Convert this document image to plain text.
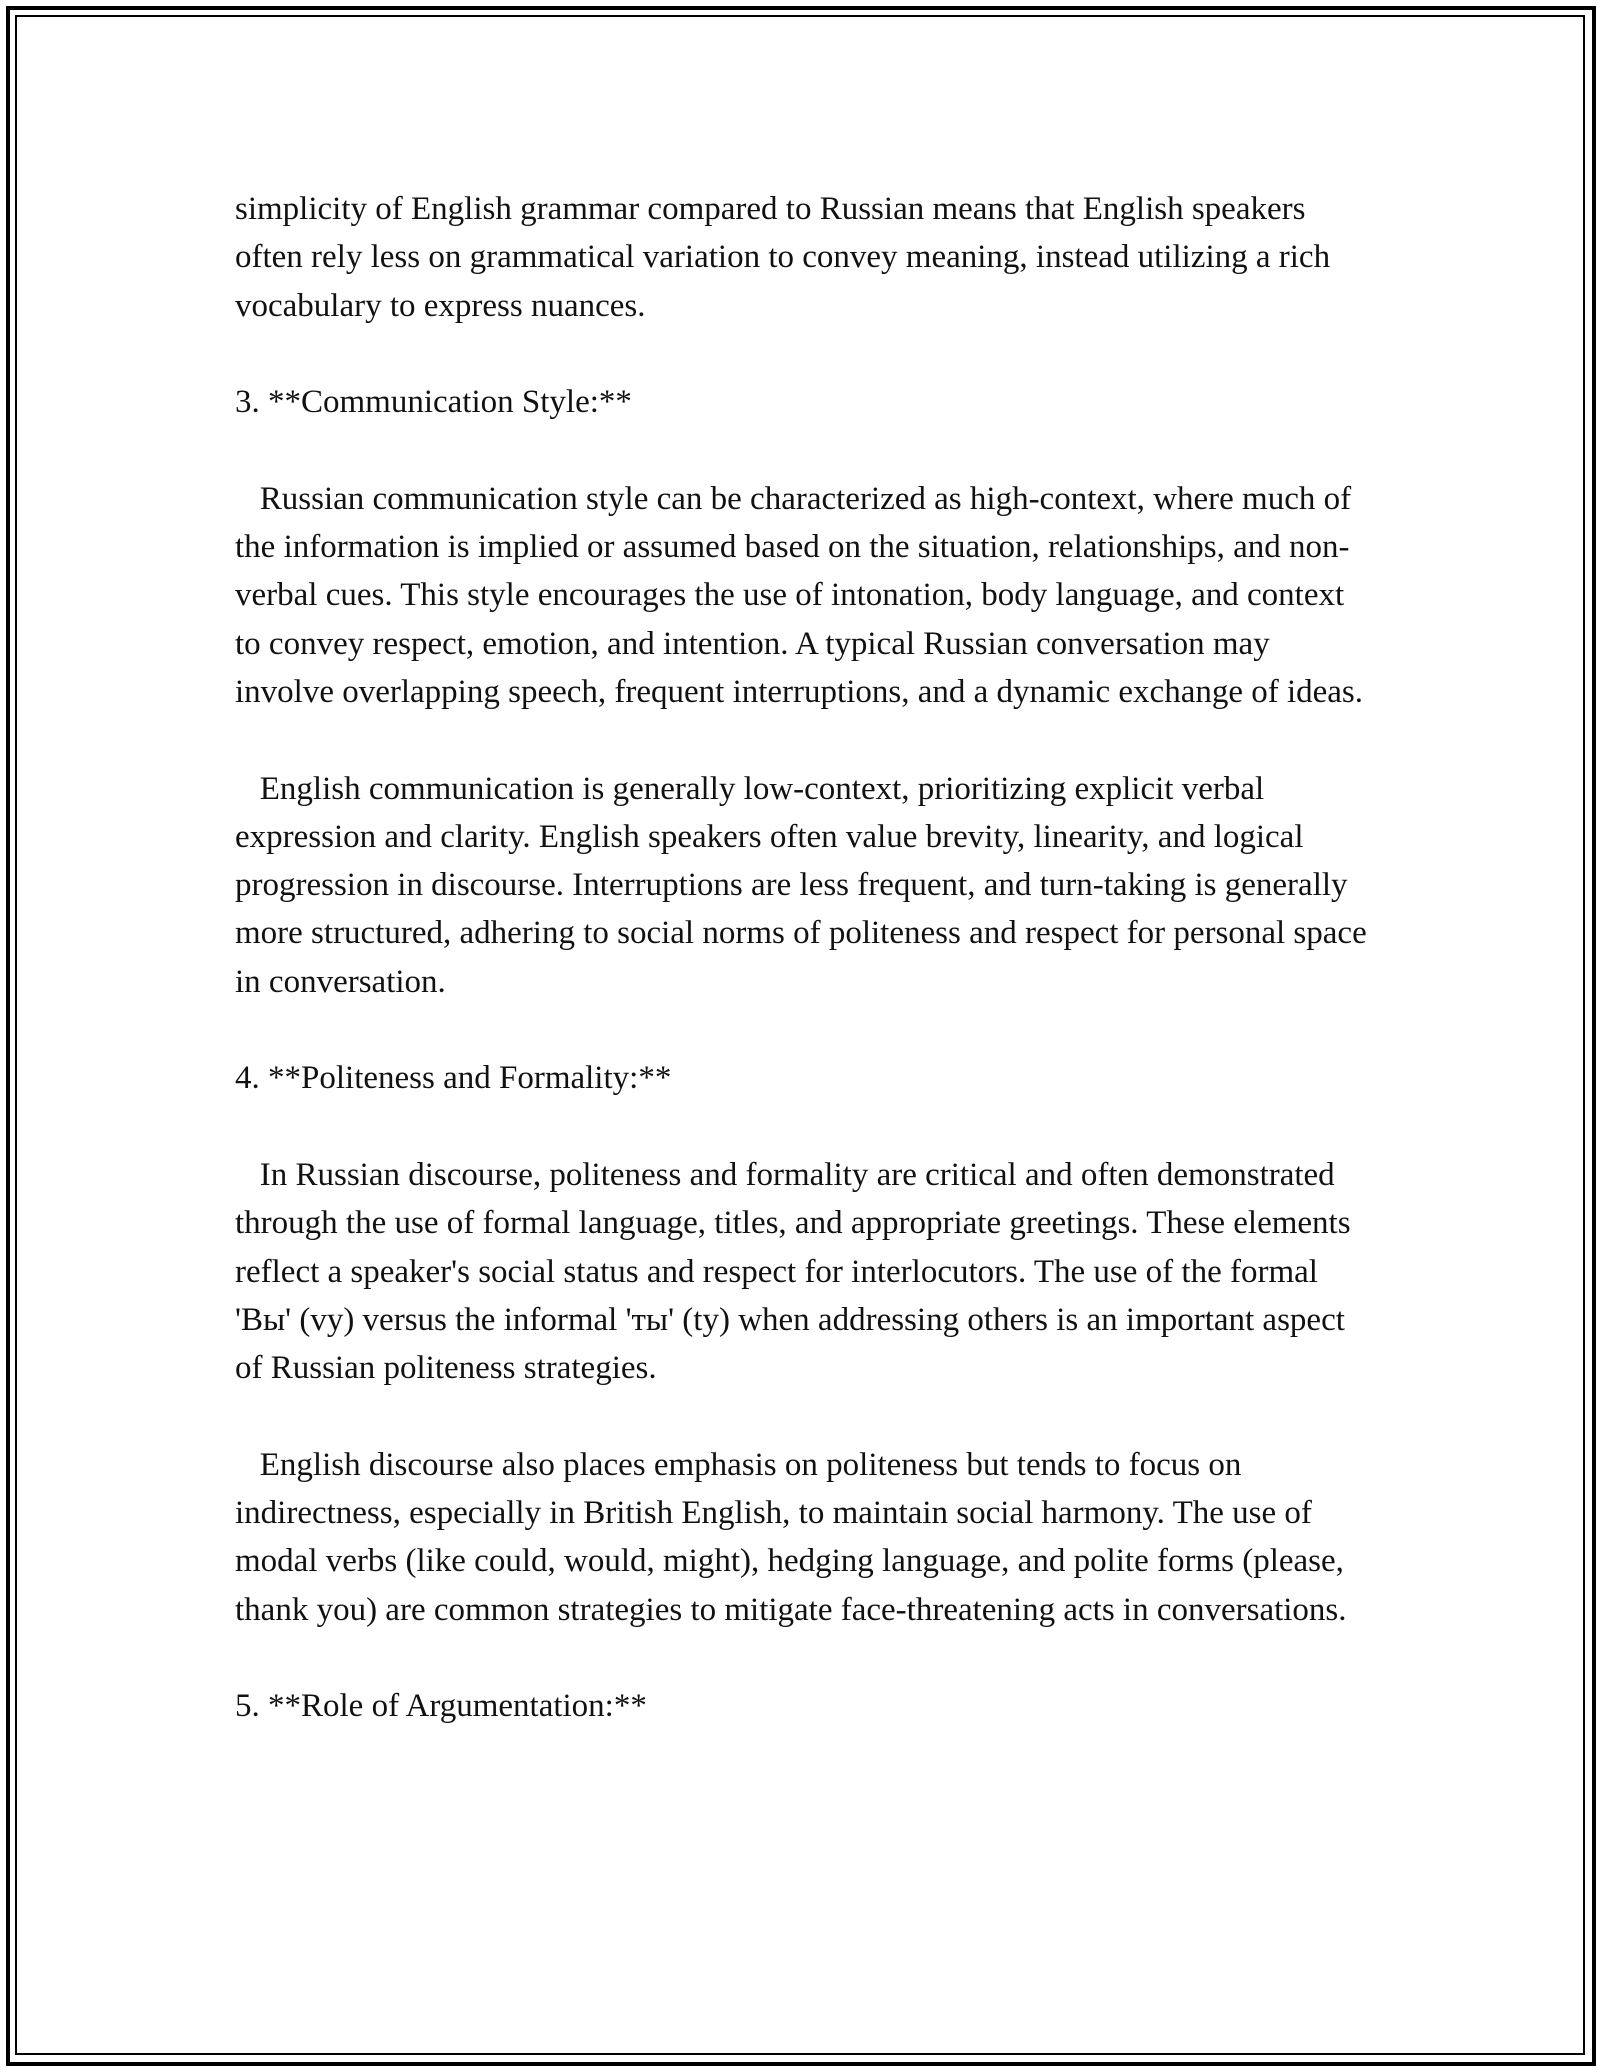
simplicity of English grammar compared to Russian means that English speakers often rely less on grammatical variation to convey meaning, instead utilizing a rich vocabulary to express nuances.

3. **Communication Style:**

Russian communication style can be characterized as high-context, where much of the information is implied or assumed based on the situation, relationships, and non-verbal cues. This style encourages the use of intonation, body language, and context to convey respect, emotion, and intention. A typical Russian conversation may involve overlapping speech, frequent interruptions, and a dynamic exchange of ideas.

English communication is generally low-context, prioritizing explicit verbal expression and clarity. English speakers often value brevity, linearity, and logical progression in discourse. Interruptions are less frequent, and turn-taking is generally more structured, adhering to social norms of politeness and respect for personal space in conversation.

4. **Politeness and Formality:**

In Russian discourse, politeness and formality are critical and often demonstrated through the use of formal language, titles, and appropriate greetings. These elements reflect a speaker's social status and respect for interlocutors. The use of the formal 'Вы' (vy) versus the informal 'ты' (ty) when addressing others is an important aspect of Russian politeness strategies.

English discourse also places emphasis on politeness but tends to focus on indirectness, especially in British English, to maintain social harmony. The use of modal verbs (like could, would, might), hedging language, and polite forms (please, thank you) are common strategies to mitigate face-threatening acts in conversations.

5. **Role of Argumentation:**
